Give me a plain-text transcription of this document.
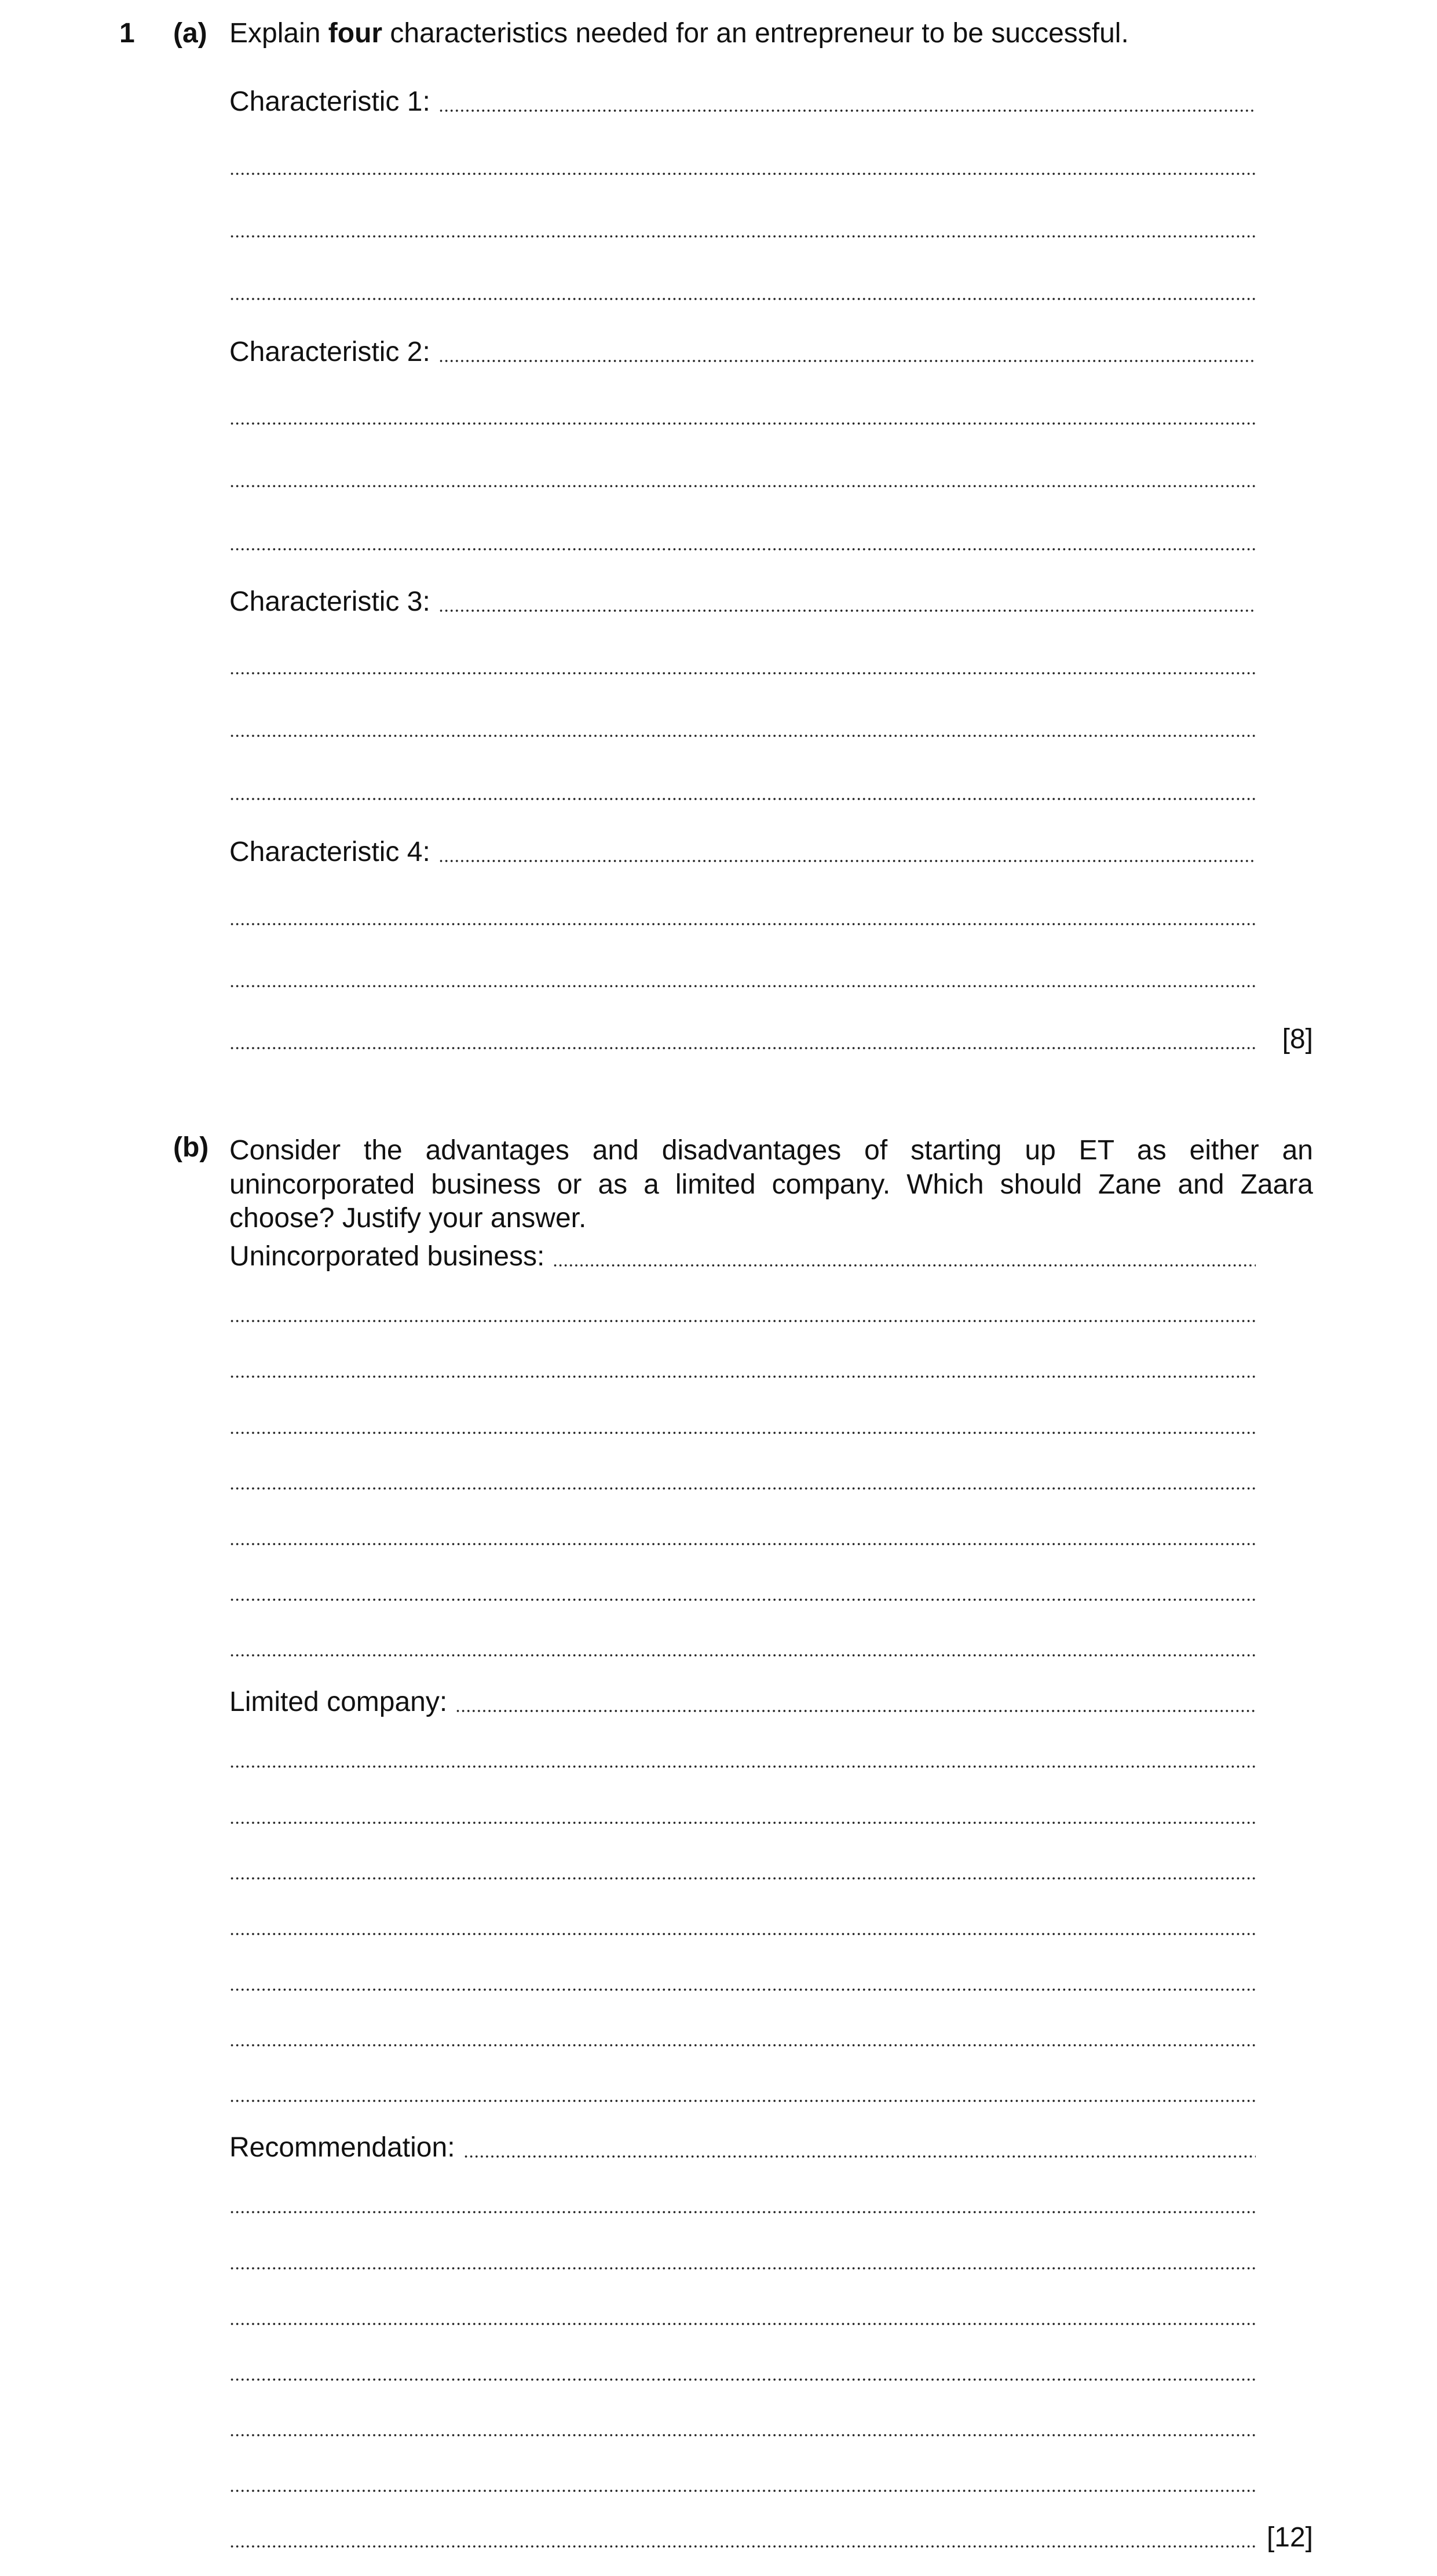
1 (a) Explain four characteristics needed for an entrepreneur to be successful.
Characteristic 1:
Characteristic 2:
Characteristic 3:
Characteristic 4:
[8]
(b) Consider the advantages and disadvantages of starting up ET as either an unincorporated business or as a limited company. Which should Zane and Zaara choose? Justify your answer.
Unincorporated business:
Limited company:
Recommendation:
[12]
